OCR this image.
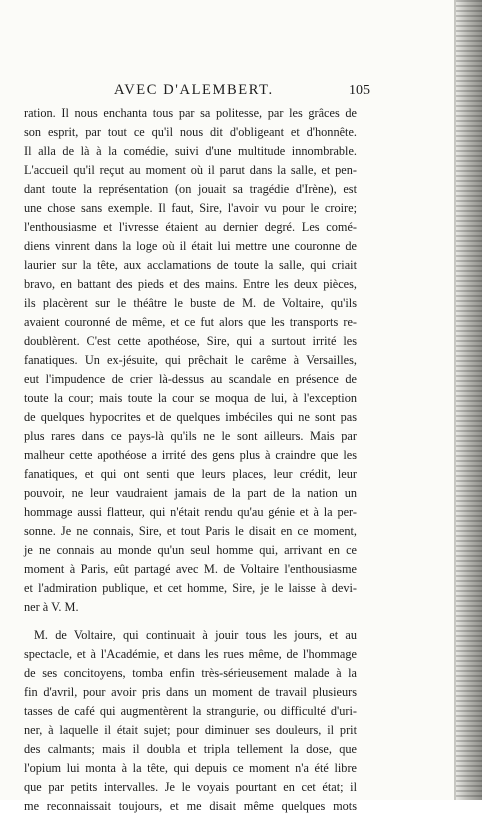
AVEC D'ALEMBERT.	105
ration. Il nous enchanta tous par sa politesse, par les grâces de
son esprit, par tout ce qu'il nous dit d'obligeant et d'honnête.
Il alla de là à la comédie, suivi d'une multitude innombrable.
L'accueil qu'il reçut au moment où il parut dans la salle, et pen-
dant toute la représentation (on jouait sa tragédie d'Irène), est
une chose sans exemple. Il faut, Sire, l'avoir vu pour le croire;
l'enthousiasme et l'ivresse étaient au dernier degré. Les comé-
diens vinrent dans la loge où il était lui mettre une couronne de
laurier sur la tête, aux acclamations de toute la salle, qui criait
bravo, en battant des pieds et des mains. Entre les deux pièces,
ils placèrent sur le théâtre le buste de M. de Voltaire, qu'ils
avaient couronné de même, et ce fut alors que les transports re-
doublèrent. C'est cette apothéose, Sire, qui a surtout irrité les
fanatiques. Un ex-jésuite, qui prêchait le carême à Versailles,
eut l'impudence de crier là-dessus au scandale en présence de
toute la cour; mais toute la cour se moqua de lui, à l'exception
de quelques hypocrites et de quelques imbéciles qui ne sont pas
plus rares dans ce pays-là qu'ils ne le sont ailleurs. Mais par
malheur cette apothéose a irrité des gens plus à craindre que les
fanatiques, et qui ont senti que leurs places, leur crédit, leur
pouvoir, ne leur vaudraient jamais de la part de la nation un
hommage aussi flatteur, qui n'était rendu qu'au génie et à la per-
sonne. Je ne connais, Sire, et tout Paris le disait en ce moment,
je ne connais au monde qu'un seul homme qui, arrivant en ce
moment à Paris, eût partagé avec M. de Voltaire l'enthousiasme
et l'admiration publique, et cet homme, Sire, je le laisse à devi-
ner à V. M.
M. de Voltaire, qui continuait à jouir tous les jours, et au
spectacle, et à l'Académie, et dans les rues même, de l'hommage
de ses concitoyens, tomba enfin très-sérieusement malade à la
fin d'avril, pour avoir pris dans un moment de travail plusieurs
tasses de café qui augmentèrent la strangurie, ou difficulté d'uri-
ner, à laquelle il était sujet; pour diminuer ses douleurs, il prit
des calmants; mais il doubla et tripla tellement la dose, que
l'opium lui monta à la tête, qui depuis ce moment n'a été libre
que par petits intervalles. Je le voyais pourtant en cet état; il
me reconnaissait toujours, et me disait même quelques mots
